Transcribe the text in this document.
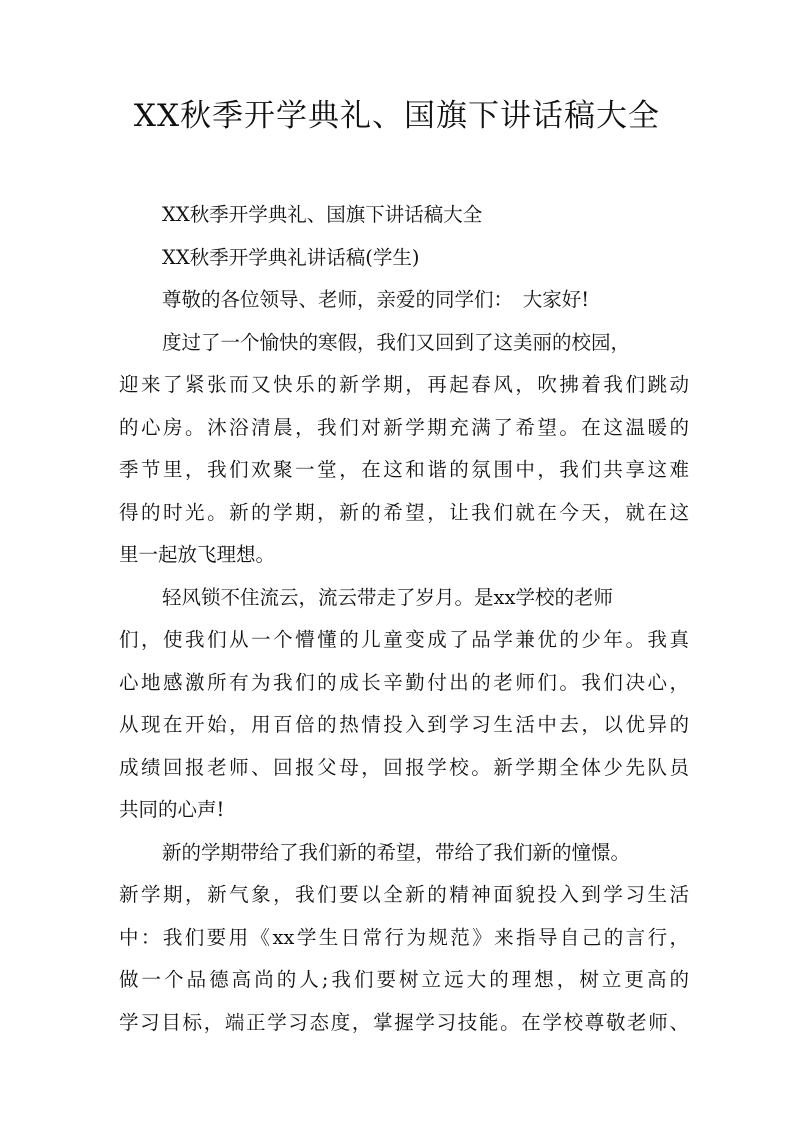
XX秋季开学典礼、国旗下讲话稿大全
XX秋季开学典礼、国旗下讲话稿大全
XX秋季开学典礼讲话稿(学生)
尊敬的各位领导、老师，亲爱的同学们：　大家好!
度过了一个愉快的寒假，我们又回到了这美丽的校园，
迎来了紧张而又快乐的新学期，再起春风，吹拂着我们跳动
的心房。沐浴清晨，我们对新学期充满了希望。在这温暖的
季节里，我们欢聚一堂，在这和谐的氛围中，我们共享这难
得的时光。新的学期，新的希望，让我们就在今天，就在这
里一起放飞理想。
轻风锁不住流云，流云带走了岁月。是xx学校的老师
们，使我们从一个懵懂的儿童变成了品学兼优的少年。我真
心地感激所有为我们的成长辛勤付出的老师们。我们决心，
从现在开始，用百倍的热情投入到学习生活中去，以优异的
成绩回报老师、回报父母，回报学校。新学期全体少先队员
共同的心声!
新的学期带给了我们新的希望，带给了我们新的憧憬。
新学期，新气象，我们要以全新的精神面貌投入到学习生活
中：我们要用《xx学生日常行为规范》来指导自己的言行，
做一个品德高尚的人;我们要树立远大的理想，树立更高的
学习目标，端正学习态度，掌握学习技能。在学校尊敬老师、
